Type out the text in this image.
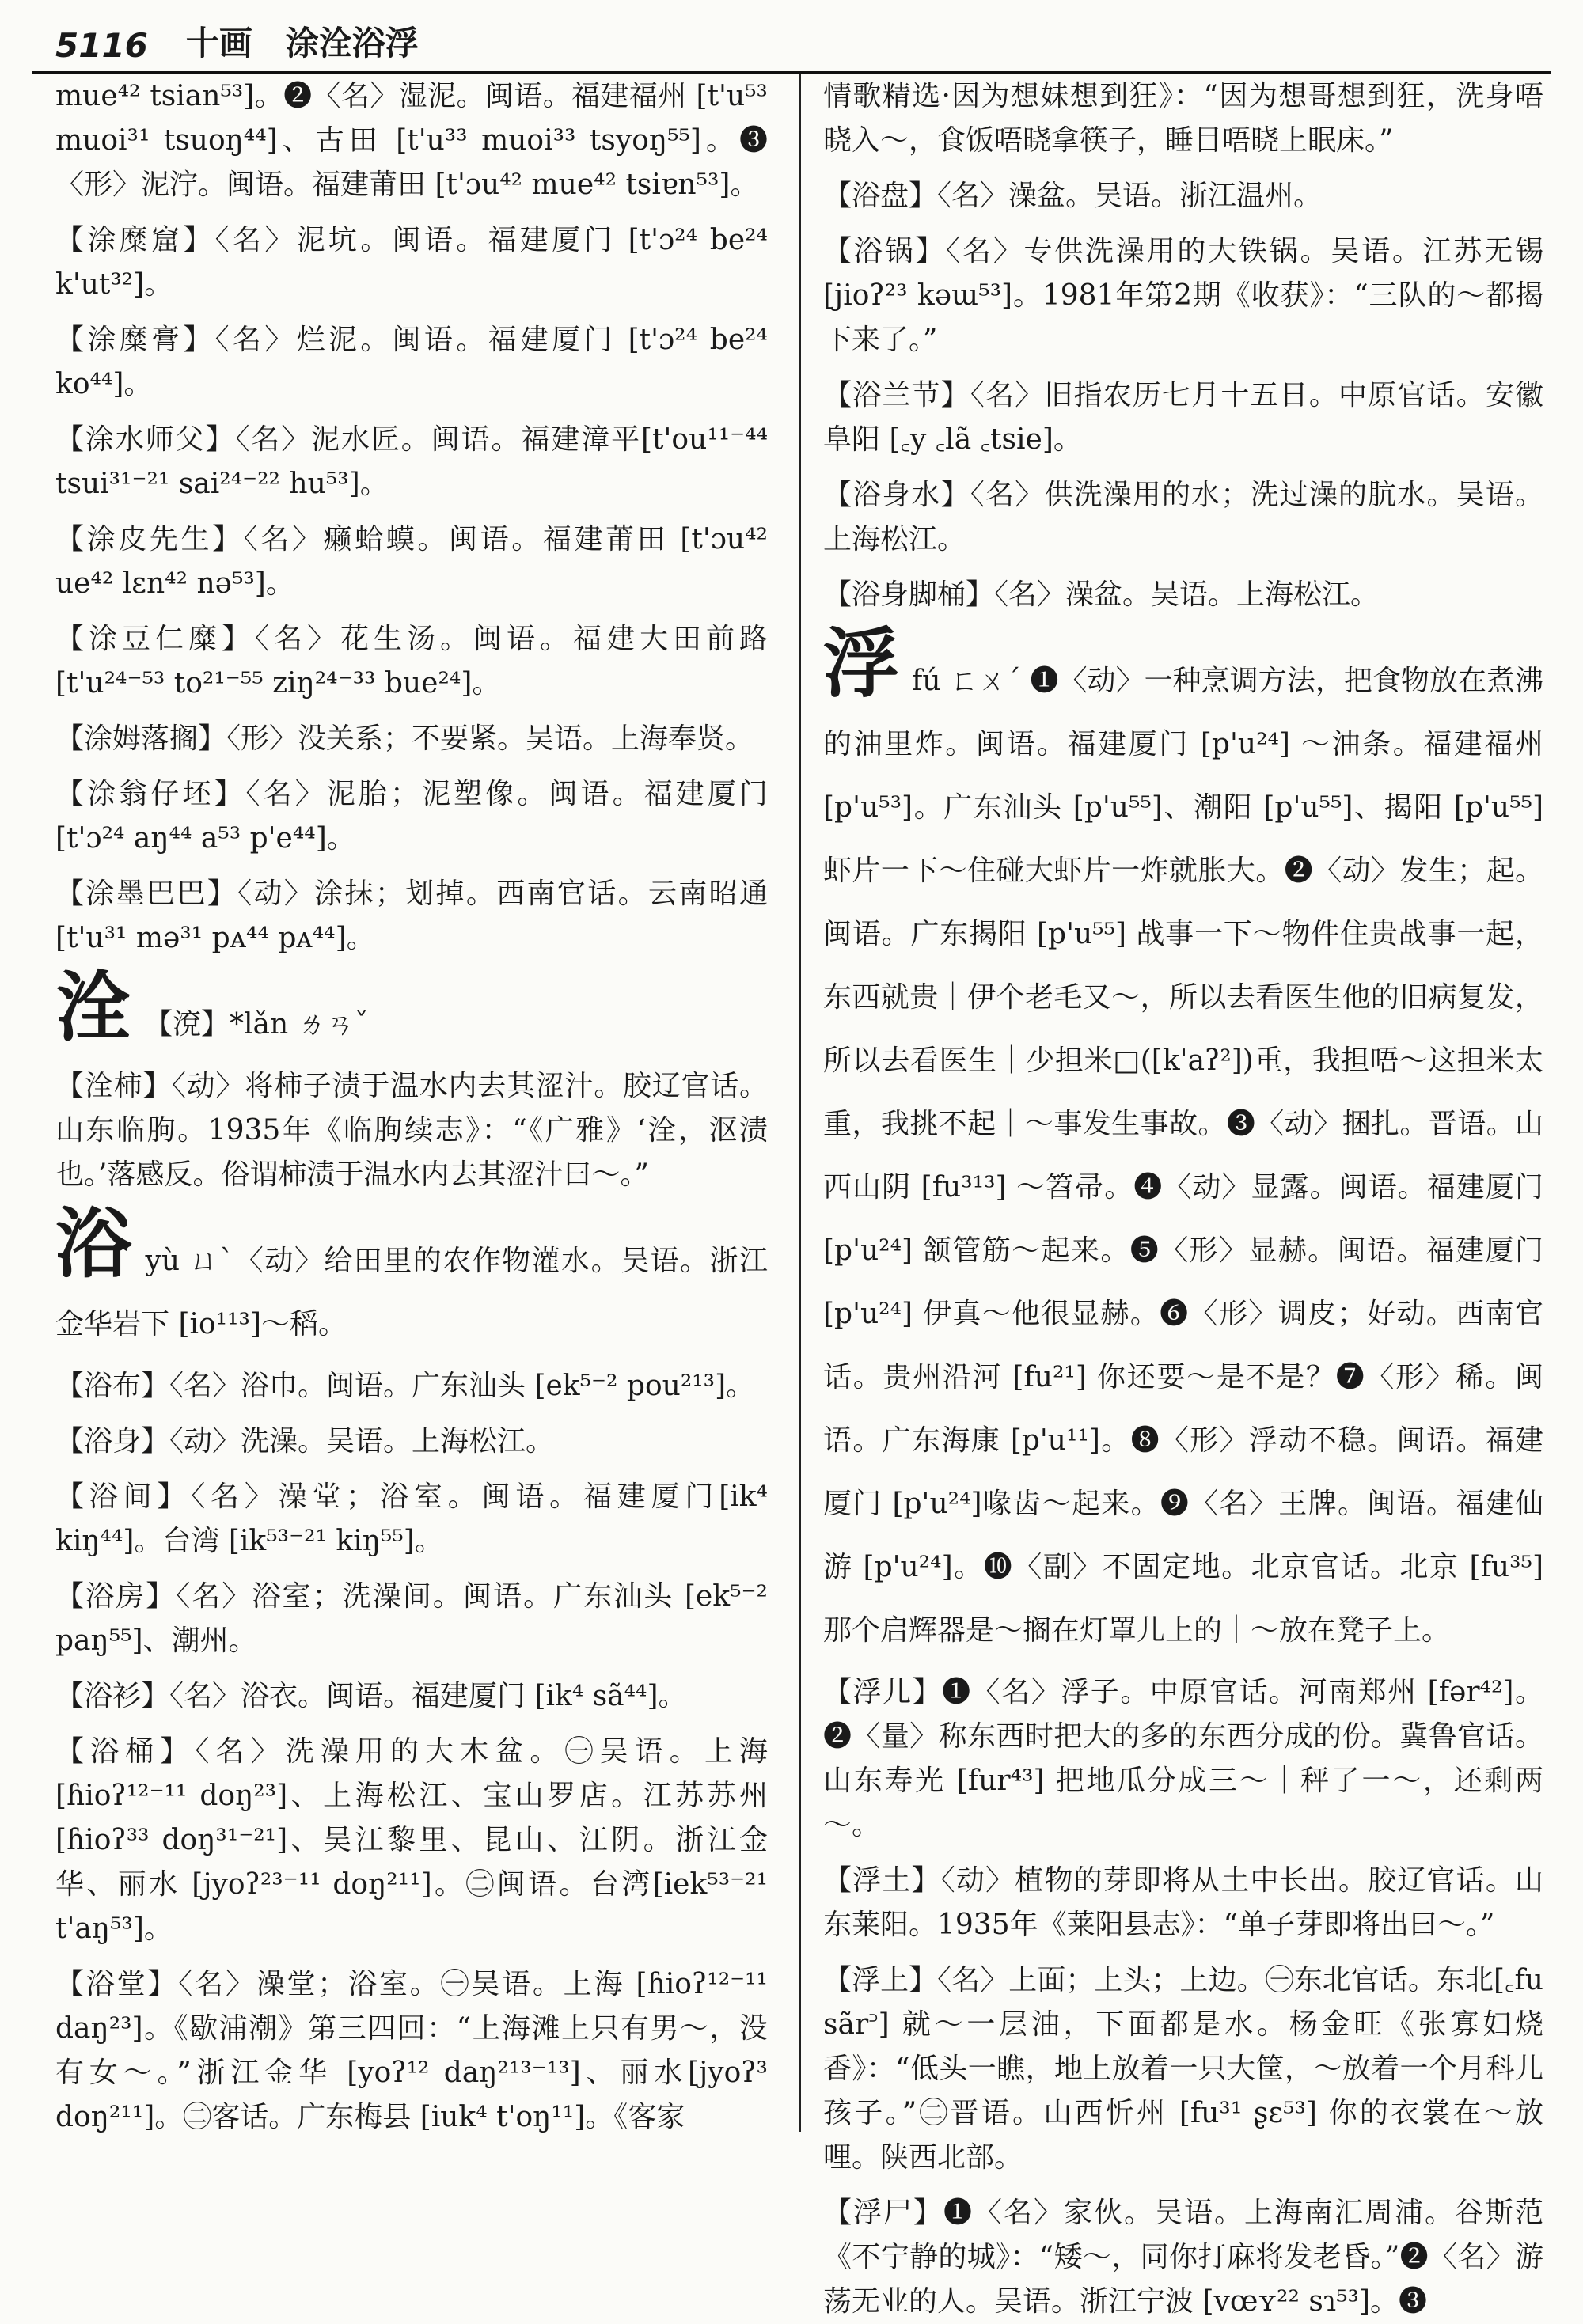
5116 十画　涂洤浴浮
mue⁴² tsian⁵³]。❷〈名〉湿泥。闽语。福建福州 [t'u⁵³ muoi³¹ tsuoŋ⁴⁴]、古田 [t'u³³ muoi³³ tsyoŋ⁵⁵]。❸〈形〉泥泞。闽语。福建莆田 [t'ɔu⁴² mue⁴² tsiɐn⁵³]。
【涂糜窟】〈名〉泥坑。闽语。福建厦门 [t'ɔ²⁴ be²⁴ k'ut³²]。
【涂糜膏】〈名〉烂泥。闽语。福建厦门 [t'ɔ²⁴ be²⁴ ko⁴⁴]。
【涂水师父】〈名〉泥水匠。闽语。福建漳平[t'ou¹¹⁻⁴⁴ tsui³¹⁻²¹ sai²⁴⁻²² hu⁵³]。
【涂皮先生】〈名〉癞蛤蟆。闽语。福建莆田 [t'ɔu⁴² ue⁴² lɛn⁴² nə⁵³]。
【涂豆仁糜】〈名〉花生汤。闽语。福建大田前路 [t'u²⁴⁻⁵³ to²¹⁻⁵⁵ ziŋ²⁴⁻³³ bue²⁴]。
【涂姆落搁】〈形〉没关系；不要紧。吴语。上海奉贤。
【涂翁仔坯】〈名〉泥胎；泥塑像。闽语。福建厦门 [t'ɔ²⁴ aŋ⁴⁴ a⁵³ p'e⁴⁴]。
【涂墨巴巴】〈动〉涂抹；划掉。西南官话。云南昭通 [t'u³¹ mə³¹ pᴀ⁴⁴ pᴀ⁴⁴]。
洤 【渷】*lǎn ㄌㄢˇ
【洤柿】〈动〉将柿子渍于温水内去其涩汁。胶辽官话。山东临朐。1935年《临朐续志》：“《广雅》‘洤，沤渍也。’落感反。俗谓柿渍于温水内去其涩汁曰～。”
浴yù ㄩˋ〈动〉给田里的农作物灌水。吴语。浙江金华岩下 [io¹¹³]～稻。
【浴布】〈名〉浴巾。闽语。广东汕头 [ek⁵⁻² pou²¹³]。
【浴身】〈动〉洗澡。吴语。上海松江。
【浴间】〈名〉澡堂；浴室。闽语。福建厦门[ik⁴ kiŋ⁴⁴]。台湾 [ik⁵³⁻²¹ kiŋ⁵⁵]。
【浴房】〈名〉浴室；洗澡间。闽语。广东汕头 [ek⁵⁻² paŋ⁵⁵]、潮州。
【浴衫】〈名〉浴衣。闽语。福建厦门 [ik⁴ sã⁴⁴]。
【浴桶】〈名〉洗澡用的大木盆。㊀吴语。上海[ɦioʔ¹²⁻¹¹ doŋ²³]、上海松江、宝山罗店。江苏苏州 [ɦioʔ³³ doŋ³¹⁻²¹]、吴江黎里、昆山、江阴。浙江金华、丽水 [jyoʔ²³⁻¹¹ doŋ²¹¹]。㊁闽语。台湾[iek⁵³⁻²¹ t'aŋ⁵³]。
【浴堂】〈名〉澡堂；浴室。㊀吴语。上海 [ɦioʔ¹²⁻¹¹ daŋ²³]。《歇浦潮》第三四回：“上海滩上只有男～，没有女～。”浙江金华 [yoʔ¹² daŋ²¹³⁻¹³]、丽水[jyoʔ³ doŋ²¹¹]。㊁客话。广东梅县 [iuk⁴ t'oŋ¹¹]。《客家
情歌精选·因为想妹想到狂》：“因为想哥想到狂，洗身唔晓入～，食饭唔晓拿筷子，睡目唔晓上眠床。”
【浴盘】〈名〉澡盆。吴语。浙江温州。
【浴锅】〈名〉专供洗澡用的大铁锅。吴语。江苏无锡 [jioʔ²³ kəɯ⁵³]。1981年第2期《收获》：“三队的～都揭下来了。”
【浴兰节】〈名〉旧指农历七月十五日。中原官话。安徽阜阳 [꜀y ꜀lã ꜀tsie]。
【浴身水】〈名〉供洗澡用的水；洗过澡的肮水。吴语。上海松江。
【浴身脚桶】〈名〉澡盆。吴语。上海松江。
浮fú ㄈㄨˊ ❶〈动〉一种烹调方法，把食物放在煮沸的油里炸。闽语。福建厦门 [p'u²⁴] ～油条。福建福州 [p'u⁵³]。广东汕头 [p'u⁵⁵]、潮阳 [p'u⁵⁵]、揭阳 [p'u⁵⁵] 虾片一下～住碰大虾片一炸就胀大。❷〈动〉发生；起。闽语。广东揭阳 [p'u⁵⁵] 战事一下～物件住贵战事一起，东西就贵｜伊个老毛又～，所以去看医生他的旧病复发，所以去看医生｜少担米□([k'aʔ²])重，我担唔～这担米太重，我挑不起｜～事发生事故。❸〈动〉捆扎。晋语。山西山阴 [fu³¹³] ～笤帚。❹〈动〉显露。闽语。福建厦门 [p'u²⁴] 颔管筋～起来。❺〈形〉显赫。闽语。福建厦门 [p'u²⁴] 伊真～他很显赫。❻〈形〉调皮；好动。西南官话。贵州沿河 [fu²¹] 你还要～是不是？❼〈形〉稀。闽语。广东海康 [p'u¹¹]。❽〈形〉浮动不稳。闽语。福建厦门 [p'u²⁴]喙齿～起来。❾〈名〉王牌。闽语。福建仙游 [p'u²⁴]。❿〈副〉不固定地。北京官话。北京 [fu³⁵] 那个启辉器是～搁在灯罩儿上的｜～放在凳子上。
【浮儿】❶〈名〉浮子。中原官话。河南郑州 [fər⁴²]。❷〈量〉称东西时把大的多的东西分成的份。冀鲁官话。山东寿光 [fur⁴³] 把地瓜分成三～｜秤了一～，还剩两～。
【浮土】〈动〉植物的芽即将从土中长出。胶辽官话。山东莱阳。1935年《莱阳县志》：“单子芽即将出曰～。”
【浮上】〈名〉上面；上头；上边。㊀东北官话。东北[꜀fu sãr꜄] 就～一层油，下面都是水。杨金旺《张寡妇烧香》：“低头一瞧，地上放着一只大筐，～放着一个月科儿孩子。”㊁晋语。山西忻州 [fu³¹ ʂɛ⁵³] 你的衣裳在～放哩。陕西北部。
【浮尸】❶〈名〉家伙。吴语。上海南汇周浦。谷斯范《不宁静的城》：“矮～，同你打麻将发老昏。”❷〈名〉游荡无业的人。吴语。浙江宁波 [vœʏ²² sɿ⁵³]。❸
